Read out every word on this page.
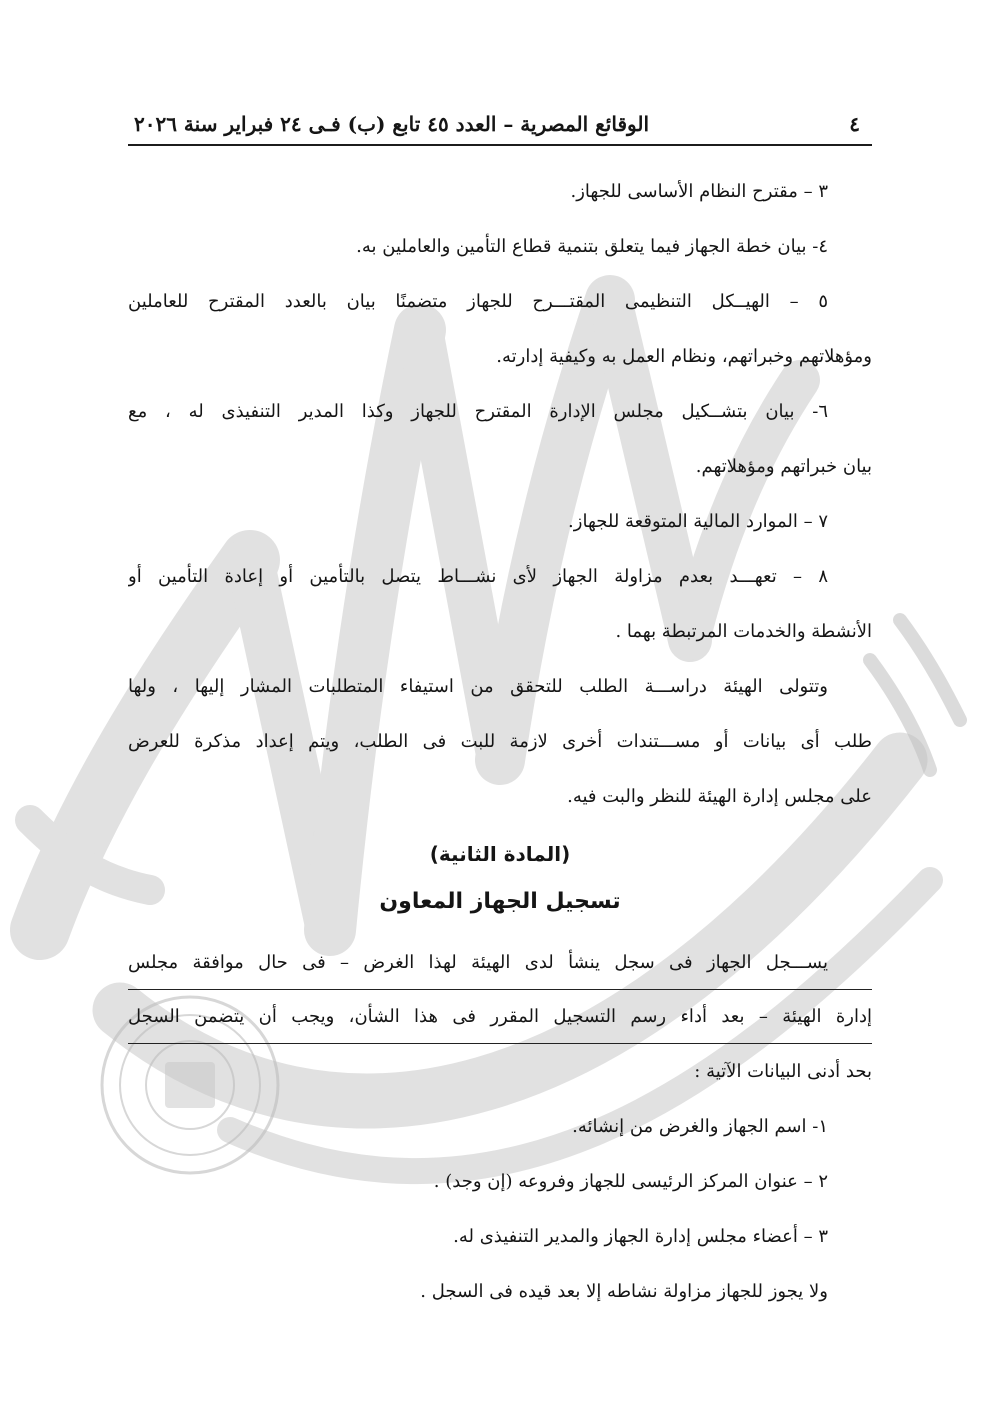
٤
الوقائع المصرية – العدد ٤٥ تابع (ب) فـى ٢٤ فبراير سنة ٢٠٢٦
٣ – مقترح النظام الأساسى للجهاز.
٤- بيان خطة الجهاز فيما يتعلق بتنمية قطاع التأمين والعاملين به.
٥ – الهيــكل التنظيمى المقتـــرح للجهاز متضمنًا بيان بالعدد المقترح للعاملين
ومؤهلاتهم وخبراتهم، ونظام العمل به وكيفية إدارته.
٦- بيان بتشــكيل مجلس الإدارة المقترح للجهاز وكذا المدير التنفيذى له ، مع
بيان خبراتهم ومؤهلاتهم.
٧ – الموارد المالية المتوقعة للجهاز.
٨ – تعهـــد بعدم مزاولة الجهاز لأى نشـــاط يتصل بالتأمين أو إعادة التأمين أو
الأنشطة والخدمات المرتبطة بهما .
وتتولى الهيئة دراســـة الطلب للتحقق من استيفاء المتطلبات المشار إليها ، ولها
طلب أى بيانات أو مســـتندات أخرى لازمة للبت فى الطلب، ويتم إعداد مذكرة للعرض
على مجلس إدارة الهيئة للنظر والبت فيه.
(المادة الثانية)
تسجيل الجهاز المعاون
يســـجل الجهاز فى سجل ينشأ لدى الهيئة لهذا الغرض – فى حال موافقة مجلس
إدارة الهيئة – بعد أداء رسم التسجيل المقرر فى هذا الشأن، ويجب أن يتضمن السجل
بحد أدنى البيانات الآتية :
١- اسم الجهاز والغرض من إنشائه.
٢ – عنوان المركز الرئيسى للجهاز وفروعه (إن وجد) .
٣ – أعضاء مجلس إدارة الجهاز والمدير التنفيذى له.
ولا يجوز للجهاز مزاولة نشاطه إلا بعد قيده فى السجل .
